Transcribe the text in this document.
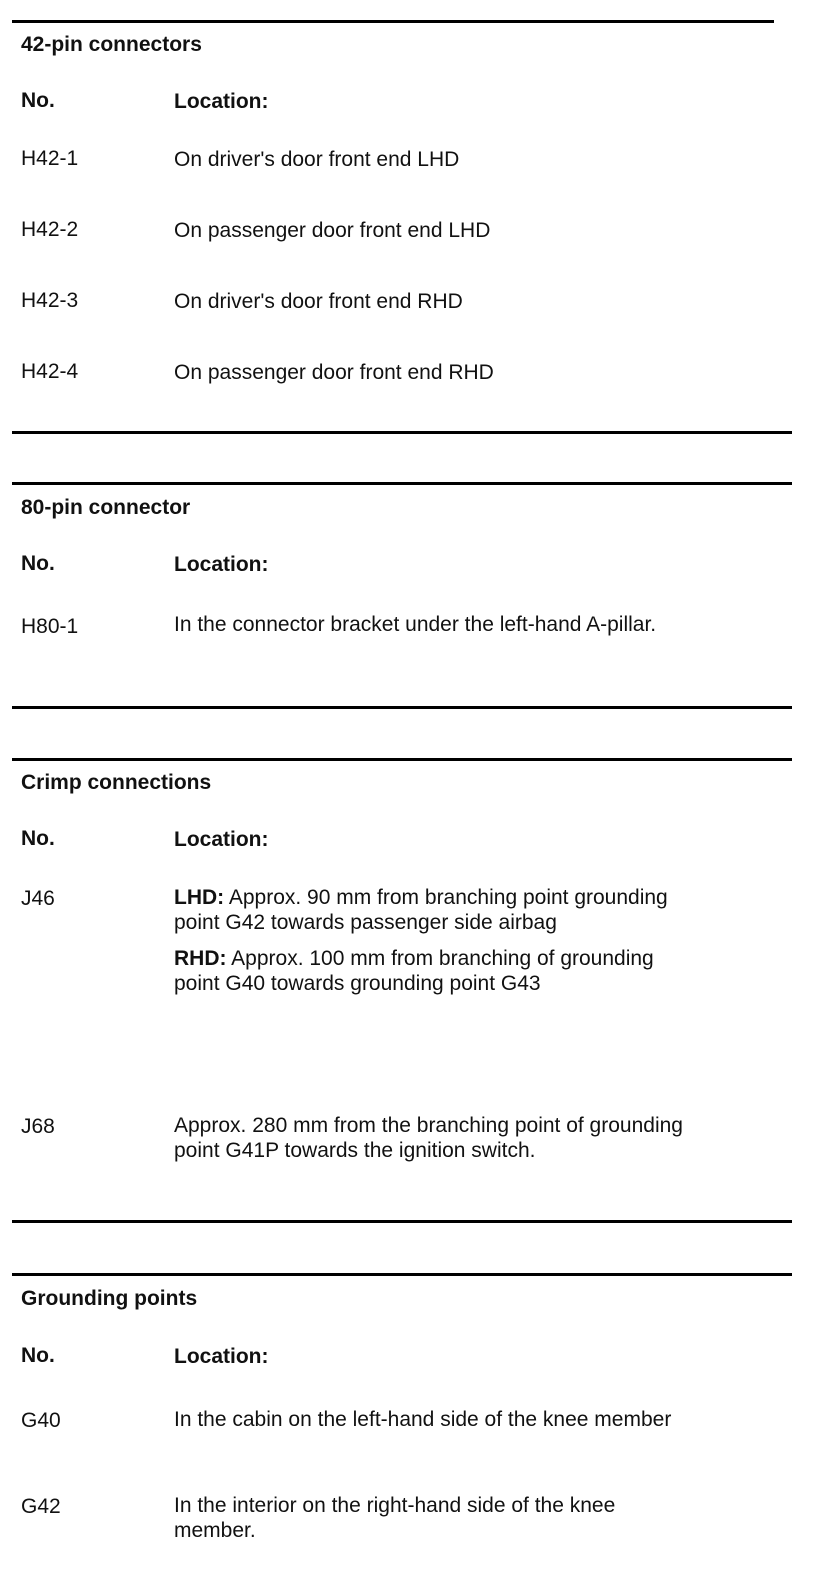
42-pin connectors
No.	Location:
H42-1	On driver's door front end LHD
H42-2	On passenger door front end LHD
H42-3	On driver's door front end RHD
H42-4	On passenger door front end RHD
80-pin connector
No.	Location:
H80-1	In the connector bracket under the left-hand A-pillar.
Crimp connections
No.	Location:
J46	LHD: Approx. 90 mm from branching point grounding point G42 towards passenger side airbag
RHD: Approx. 100 mm from branching of grounding point G40 towards grounding point G43
J68	Approx. 280 mm from the branching point of grounding point G41P towards the ignition switch.
Grounding points
No.	Location:
G40	In the cabin on the left-hand side of the knee member
G42	In the interior on the right-hand side of the knee member.
